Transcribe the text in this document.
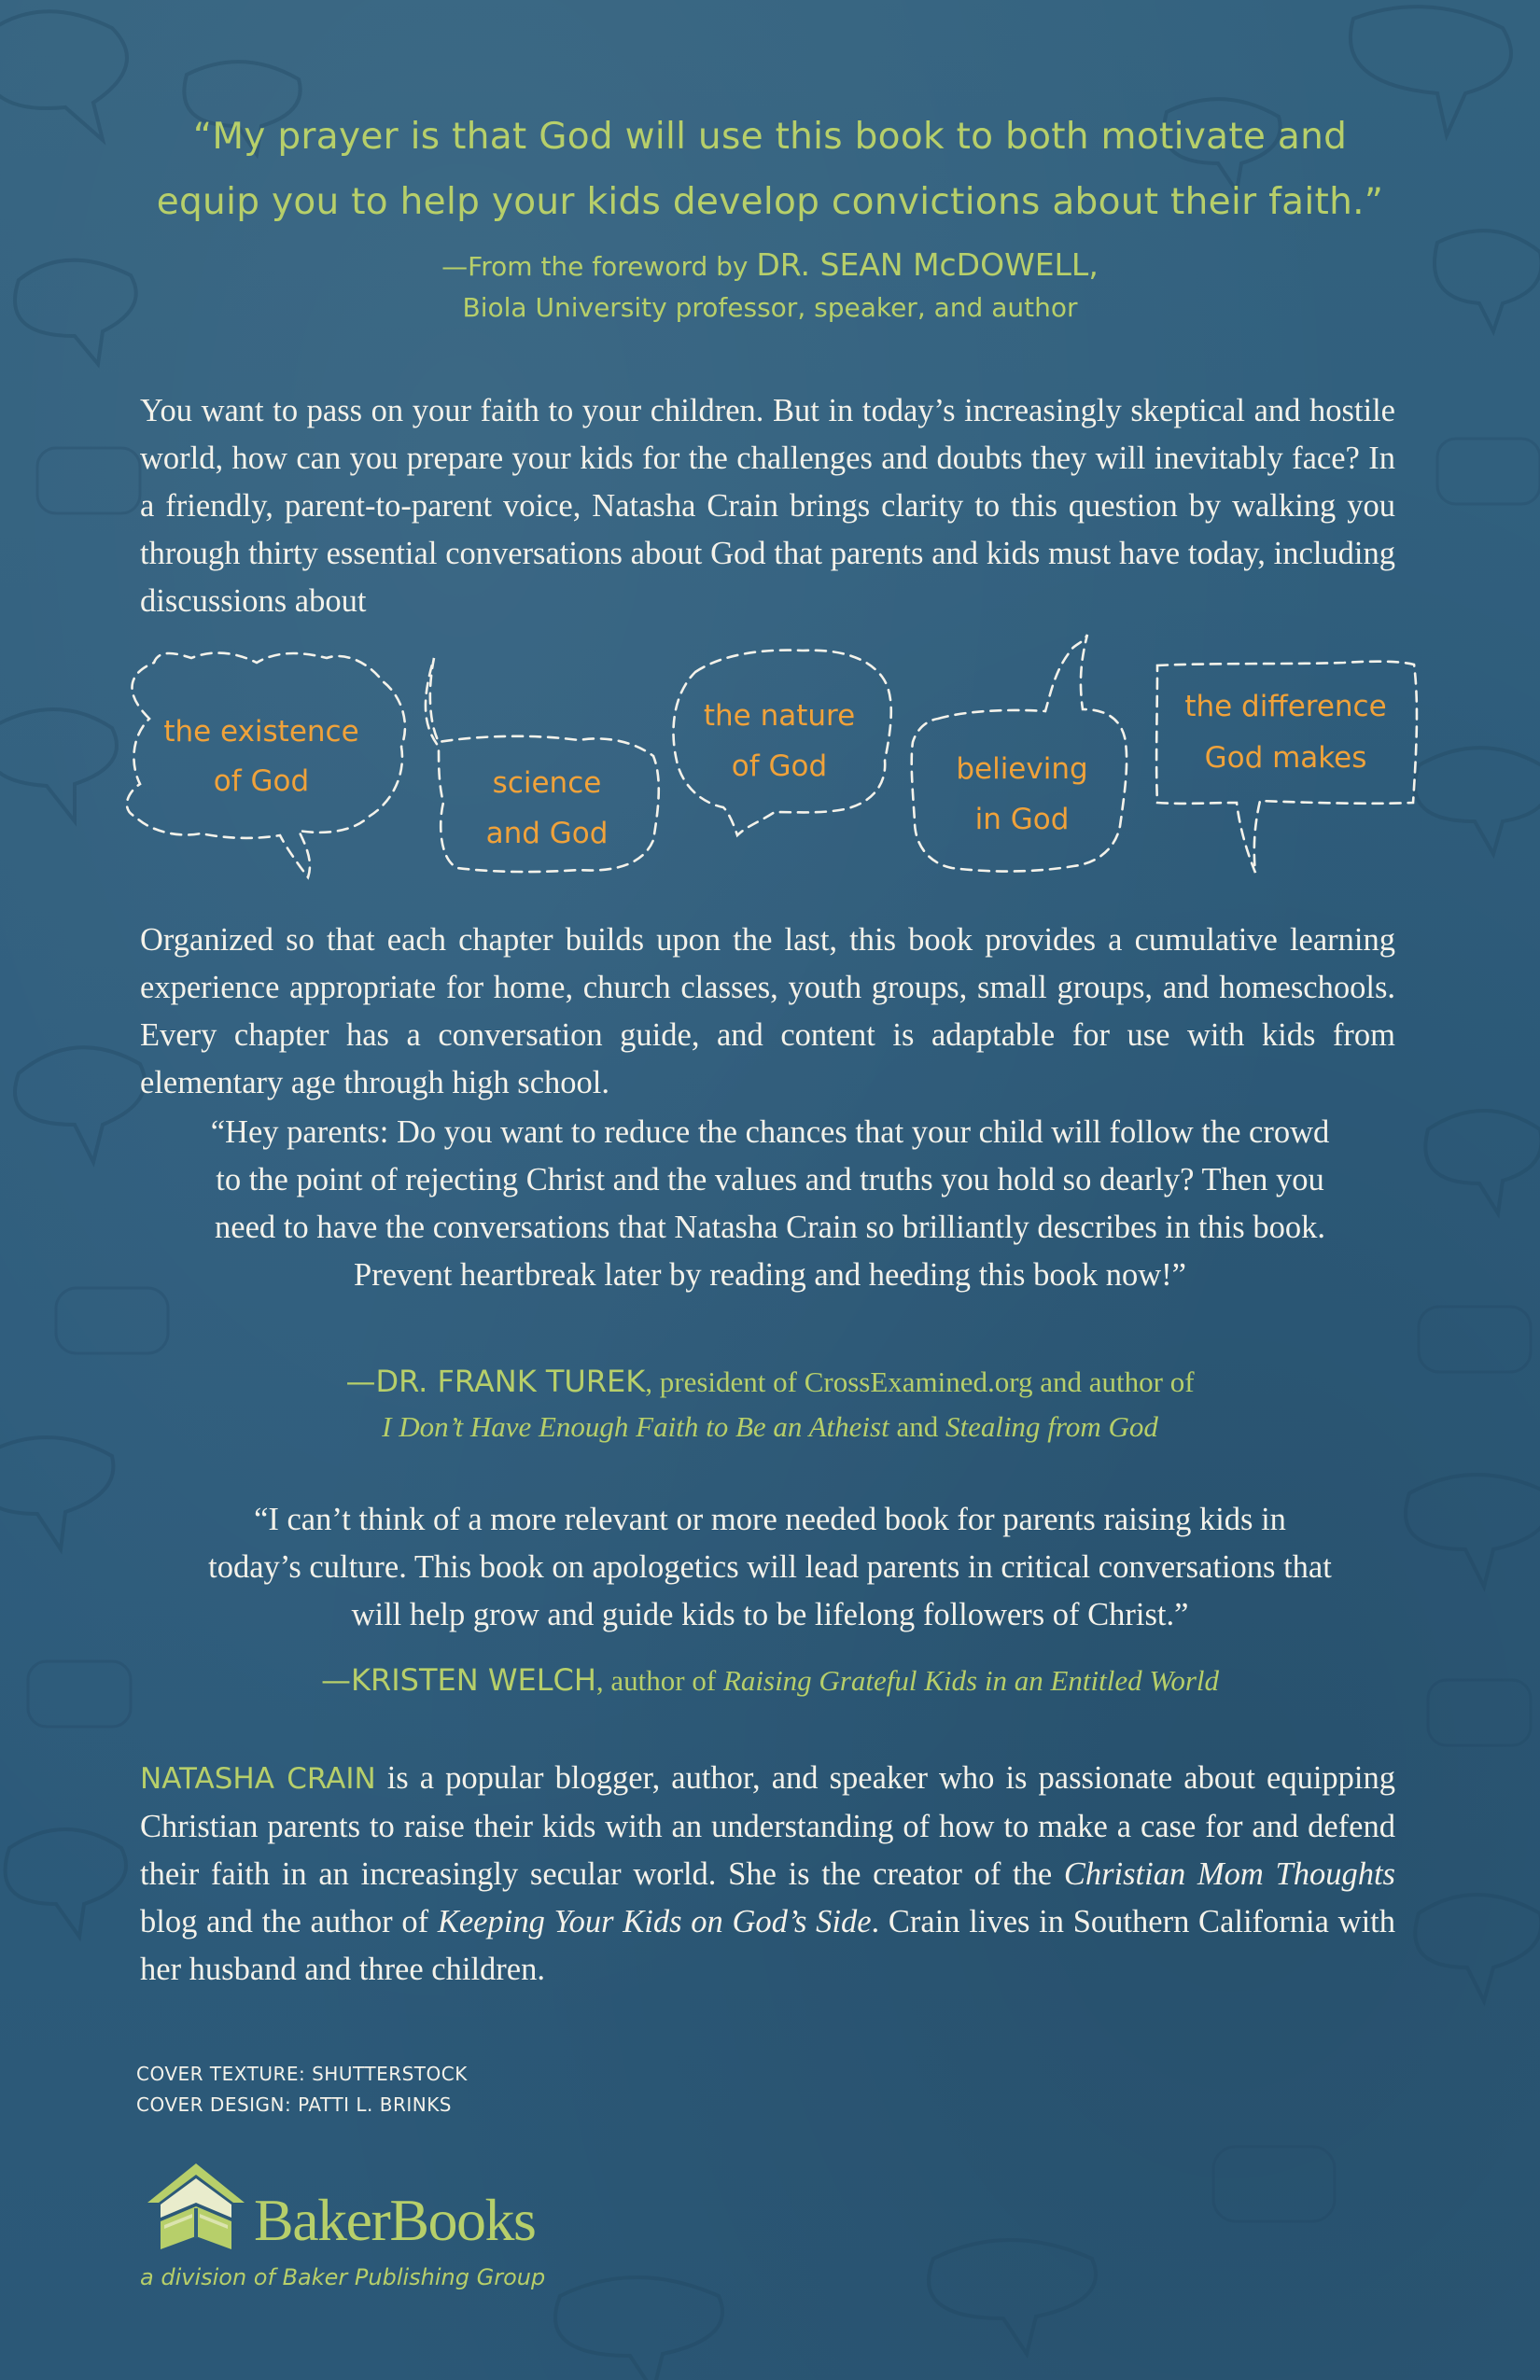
“My prayer is that God will use this book to both motivate and
equip you to help your kids develop convictions about their faith.”
—From the foreword by DR. SEAN McDOWELL,
Biola University professor, speaker, and author
You want to pass on your faith to your children. But in today’s increasingly skeptical and hostile world, how can you prepare your kids for the challenges and doubts they will inevitably face? In a friendly, parent-to-parent voice, Natasha Crain brings clarity to this question by walking you through thirty essential conversations about God that parents and kids must have today, including discussions about
the existence
of God	science
and God
the nature
of God	believing
in God
the difference
God makes
Organized so that each chapter builds upon the last, this book provides a cumulative learning experience appropriate for home, church classes, youth groups, small groups, and homeschools. Every chapter has a conversation guide, and content is adaptable for use with kids from elementary age through high school.
“Hey parents: Do you want to reduce the chances that your child will follow the crowd
to the point of rejecting Christ and the values and truths you hold so dearly? Then you
need to have the conversations that Natasha Crain so brilliantly describes in this book.
Prevent heartbreak later by reading and heeding this book now!”
—DR. FRANK TUREK, president of CrossExamined.org and author of
I Don’t Have Enough Faith to Be an Atheist and Stealing from God
“I can’t think of a more relevant or more needed book for parents raising kids in
today’s culture. This book on apologetics will lead parents in critical conversations that
will help grow and guide kids to be lifelong followers of Christ.”
—KRISTEN WELCH, author of Raising Grateful Kids in an Entitled World
NATASHA CRAIN is a popular blogger, author, and speaker who is passionate about equipping Christian parents to raise their kids with an understanding of how to make a case for and defend their faith in an increasingly secular world. She is the creator of the Christian Mom Thoughts blog and the author of Keeping Your Kids on God’s Side. Crain lives in Southern California with her husband and three children.
COVER TEXTURE: SHUTTERSTOCK
COVER DESIGN: PATTI L. BRINKS
BakerBooks
a division of Baker Publishing Group
